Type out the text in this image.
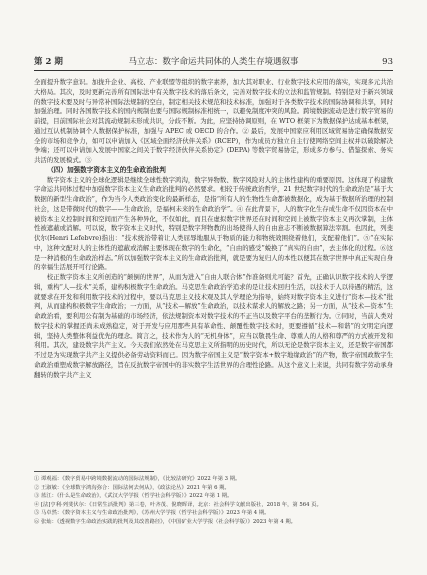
第 2 期	马立志：数字命运共同体的人类生存境遇叙事	93

全面提升数字意识。加拢升企业、高校、产业联盟等组织的数字素养，加大其对职业、行业数字技术应用的落实，实现多元共治大格局。其次，及时更新完善所有国际法中有关数字技术的落后条文，完善对数字技术的立法和监管规制。特别是对于新兴领域的数字技术要及时与异常补国际法规制的空白，制定相关技术规范和技术标准，加强对于各类数字技术的国际协调和共享，同时加强治理。同时各国数字技术的国内规制也要与国际规制标准相统一，以避免制度冲突的风险。跨境数据流动是进行数字贸易的前提，目前国际社会对其流动规制未形成共识，分歧不断。为此，应坚持协调原则，在 WTO 框架下为数据保护达成基本框架，通过互认机制协调个人数据保护标准，加强与 APEC 或 OECD 的合作。② 最后，发展中国家应利用区域贸易协定确保数据安全的市场和竞争力，如可以申请加入《区域全面经济伙伴关系》(RCEP)，作为成员方独立自主行使网络空间主权并以破除解决争端；还可以申请加入发展中国家之间关于数字经济伙伴关系协定》(DEPA) 等数字贸易协定，形成多方参与、借鉴探索、务实共活的发展模式。③

（四）加强数字资本主义的生命政治批判

数字资本主义的全球化逻辑是继续全球性数字鸿沟，数字异物数、数字风险对人的主体性建构的重要原因。这体现了构建数字命运共同体过程中加强数字资本主义生命政治批判的必然要求。相较于传统政治哲学，21 世纪数字时代的生命政治是“基于大数据的新型生命政治”，作为当今人类政治变化的最新样态，是指“所有人的生物性生命都被数据化，成为基于数据所治理的控制社会，这是带微时代的数字——生命政治，是福柯未来的生命政治学”。④ 在此背景下，人的数字化生存成生命不仅因资本在中被资本主义控制时间和空间而产生各种异化，不仅如此，而且在虚拟数字世界还在时间和空间上被数字资本主义再次掌制，主体性被遮蔽或消解。可以说，数字资本主义时代，特别是数字拜物教的出场使得人的自由意志不断被数据算法宰割。也因此，列斐伏尔(Henri Lefebvre)指出：“技术统治带着让人类屈辱地服从于物质的能力和物统效围绕着他们，支配着他们”。⑤“在实际中，这种文配对人的主体性的遮蔽或消解主要体现在数字的生命化，“自由的感受”蜕换了“真实的自由”，去主体化的过程。⑥这是一种消极的生命政治样态。”所以加强数字资本主义的生命政治批判，就是要为复归人的本性以便其在数字世界中真正实现自身的幸福生活展开可行论路。

校正数字资本主义所创造的“颠倒的世界”，从而为进入“自由人联合体”作准备则尤可能？首先，正确认识数字技术的人学逻辑，重构“人—技术”关系，建构积极数字生命政治。马克思生命政治学追求的是让技术回归生活，以技术于人以待遇的精活，这就要求在开发和利用数字技术的过程中，要以马克思主义技术观及其人学理论为指导，始终对数字资本主义进行“资本—技术”批判，从而建构积极数字生命政治；一方面，从“技术—解放”生命政治，以技术谋求人的解放之路；另一方面，从“技术—资本”生命政治看，要利用公有制为基础的市场经济，依法规制资本对数字技术的不正当以及数字平台的垄断行为。⑦同时，当前人类对数字技术的掌握还尚未成熟稳定，对于开发与应用那些具有革命性、颠覆性数字技术时，更要遵循“技术—和谐”的文明定向逻辑，坚持人类整体利益优先的理念。简言之，技术作为人的“无机身体”，应当以敬畏生命、尊重人的人格和尊严的方式被开发和利用。其次，建设数字共产主义。今天我们依然处在马克思主义所指明的历史时代，所以无论是数字资本主义，还是数字帝国都不过是为实现数字共产主义提供必备劳动资料而已。因为数字帝国主义是“数字资本+数字地缘政治”的产物，数字帝国政数字生命政治重塑成数字解放路径，旨在反抗数字帝国中的非实数字生活世界的合理性论路。从这个意义上来说，共同有数字劳动承身翻转的数字共产主义

① 谭观福：《数字贸易中跨境数据流动的国际法规制》，《比较法研究》2022 年第 3 期。
② 王淑敏：《全球数字鸿沟弥合：国际法何去何从》，《政法论丛》2021 年第 6 期。
③ 蓝江：《什么是生命政治》，《武汉大学学报（哲学社会科学版）》2022 年第 1 期。
④ [法]亨利·列斐伏尔：《日常生活批判》第三卷，叶齐茂、倪晓晖译，北京：社会科学文献出版社，2018 年，第 564 页。
⑤ 马卓然：《数字资本主义与生命政治批判》，《苏州大学学报（哲学社会科学版）》2023 年第 4 期。
⑥ 张灿：《透视数字生命政治实践的批判及其改善路径》，《中国矿业大学学报（社会科学版）》2023 年第 4 期。
